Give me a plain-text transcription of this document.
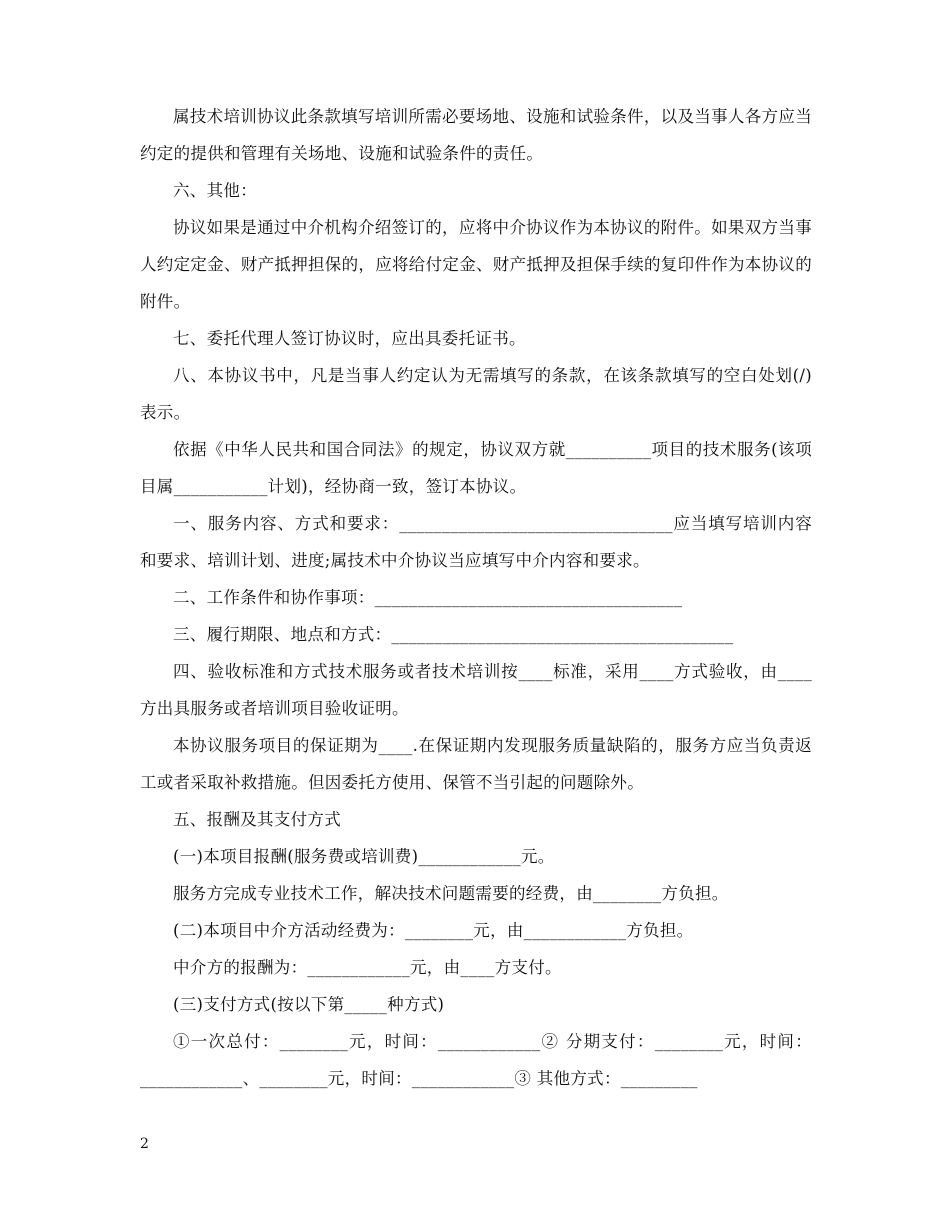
属技术培训协议此条款填写培训所需必要场地、设施和试验条件，以及当事人各方应当约定的提供和管理有关场地、设施和试验条件的责任。

六、其他：

协议如果是通过中介机构介绍签订的，应将中介协议作为本协议的附件。如果双方当事人约定定金、财产抵押担保的，应将给付定金、财产抵押及担保手续的复印件作为本协议的附件。

七、委托代理人签订协议时，应出具委托证书。

八、本协议书中，凡是当事人约定认为无需填写的条款，在该条款填写的空白处划(/)表示。

依据《中华人民共和国合同法》的规定，协议双方就__________项目的技术服务(该项目属___________计划)，经协商一致，签订本协议。

一、服务内容、方式和要求：________________________________应当填写培训内容和要求、培训计划、进度;属技术中介协议当应填写中介内容和要求。

二、工作条件和协作事项：____________________________________

三、履行期限、地点和方式：________________________________________

四、验收标准和方式技术服务或者技术培训按____标准，采用____方式验收，由____方出具服务或者培训项目验收证明。

本协议服务项目的保证期为____.在保证期内发现服务质量缺陷的，服务方应当负责返工或者采取补救措施。但因委托方使用、保管不当引起的问题除外。

五、报酬及其支付方式

(一)本项目报酬(服务费或培训费)____________元。

服务方完成专业技术工作，解决技术问题需要的经费，由________方负担。

(二)本项目中介方活动经费为：________元，由____________方负担。

中介方的报酬为：____________元，由____方支付。

(三)支付方式(按以下第_____种方式)

①一次总付：________元，时间：____________② 分期支付：________元，时间：____________、________元，时间：____________③ 其他方式：_________

2
